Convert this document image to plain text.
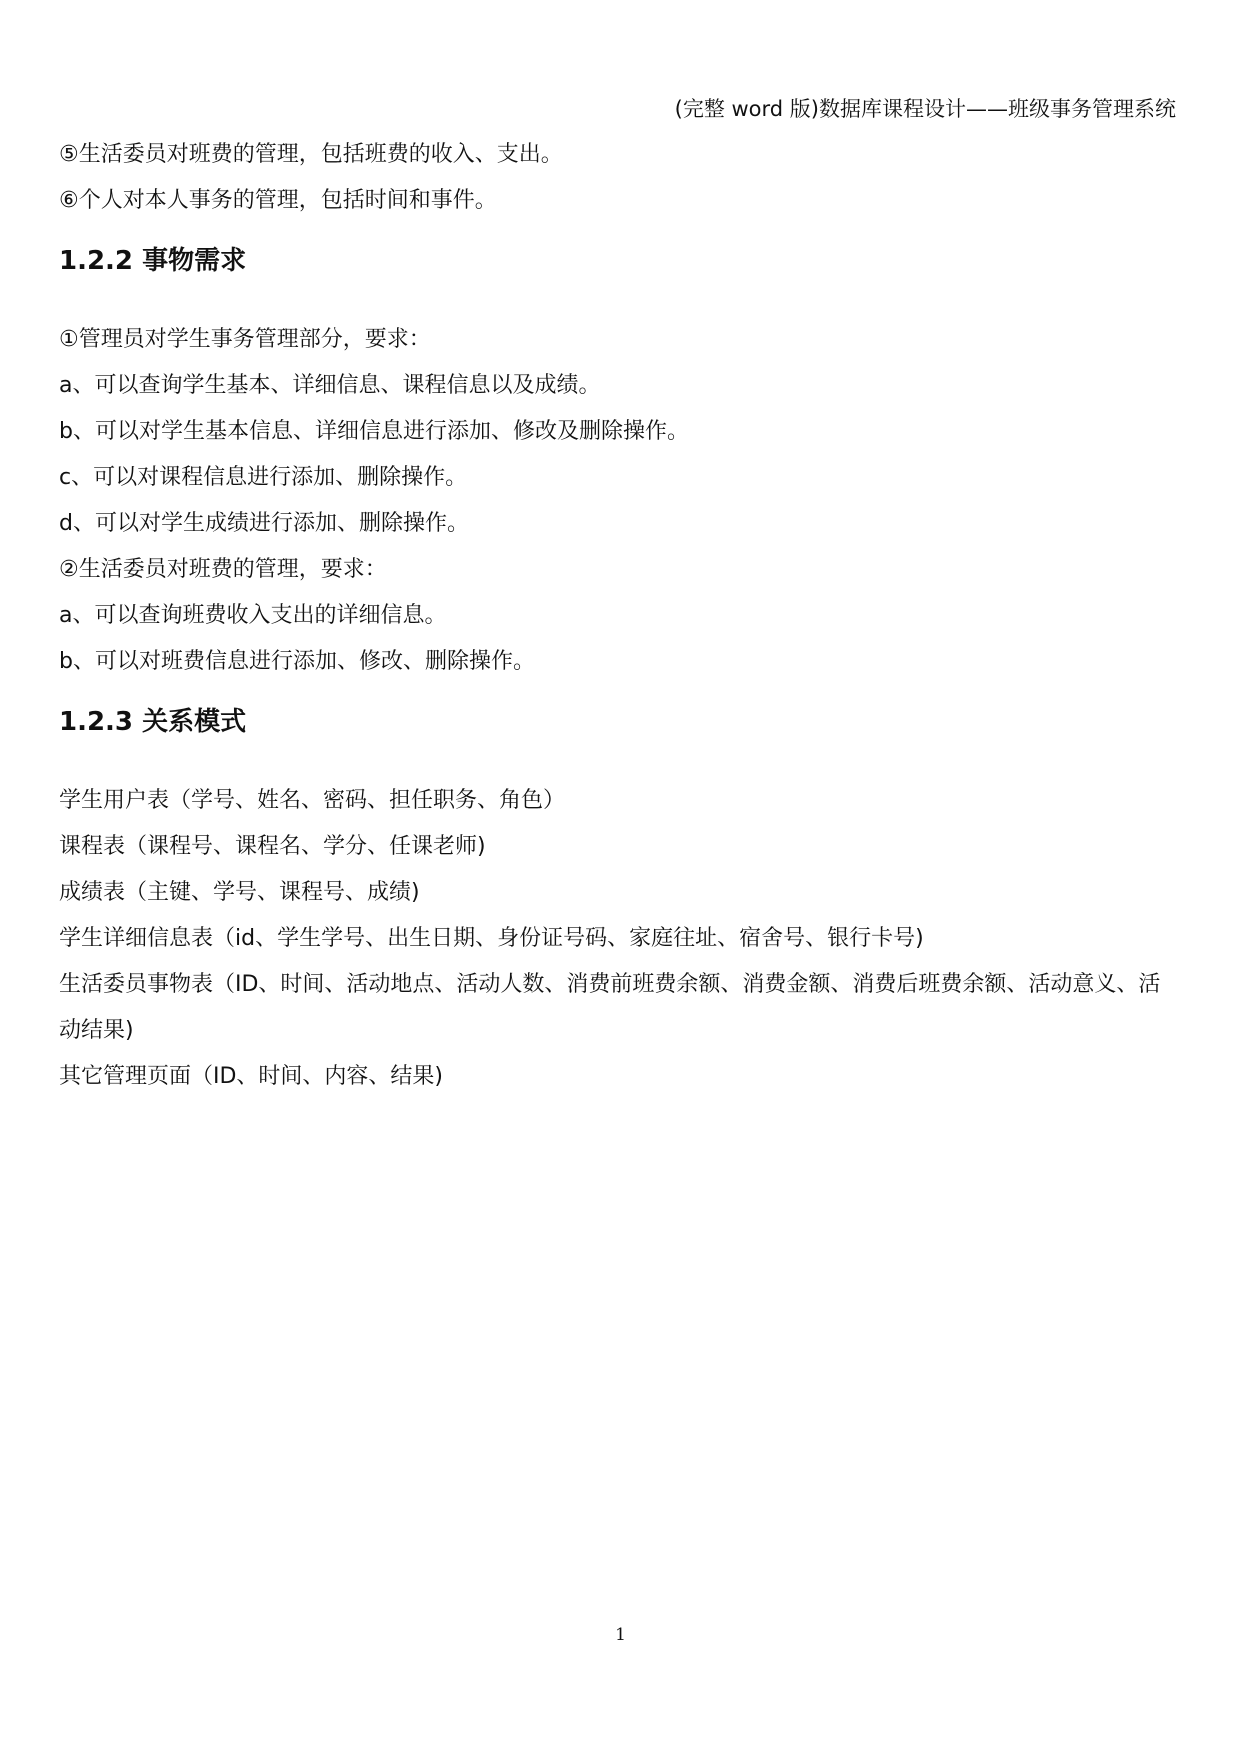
(完整 word 版)数据库课程设计——班级事务管理系统
⑤生活委员对班费的管理，包括班费的收入、支出。
⑥个人对本人事务的管理，包括时间和事件。
1.2.2 事物需求
①管理员对学生事务管理部分，要求：
a、可以查询学生基本、详细信息、课程信息以及成绩。
b、可以对学生基本信息、详细信息进行添加、修改及删除操作。
c、可以对课程信息进行添加、删除操作。
d、可以对学生成绩进行添加、删除操作。
②生活委员对班费的管理，要求：
a、可以查询班费收入支出的详细信息。
b、可以对班费信息进行添加、修改、删除操作。
1.2.3 关系模式
学生用户表（学号、姓名、密码、担任职务、角色）
课程表（课程号、课程名、学分、任课老师)
成绩表（主键、学号、课程号、成绩)
学生详细信息表（id、学生学号、出生日期、身份证号码、家庭往址、宿舍号、银行卡号)
生活委员事物表（ID、时间、活动地点、活动人数、消费前班费余额、消费金额、消费后班费余额、活动意义、活动结果)
其它管理页面（ID、时间、内容、结果)
1
